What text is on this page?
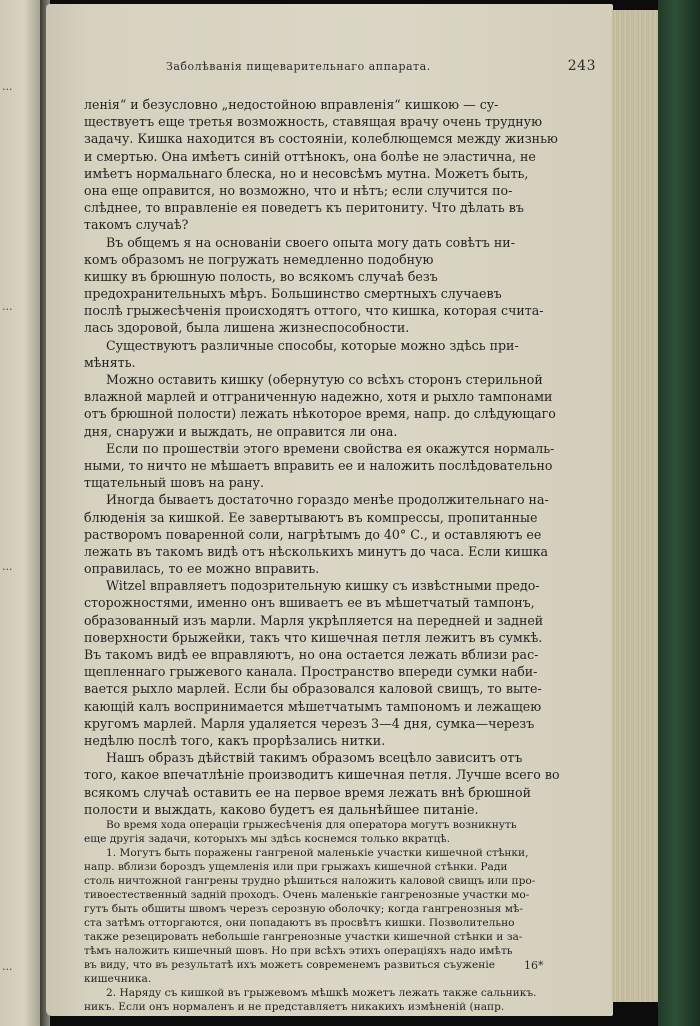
...
...
...
...
Заболѣванія пищеварительнаго аппарата.	243
ленія“ и безусловно „недостойною вправленія“ кишкою — су-
ществуетъ еще третья возможность, ставящая врачу очень трудную
задачу. Кишка находится въ состояніи, колеблющемся между жизнью
и смертью. Она имѣетъ синій оттѣнокъ, она болѣе не эластична, не
имѣетъ нормальнаго блеска, но и несовсѣмъ мутна. Можетъ быть,
она еще оправится, но возможно, что и нѣтъ; если случится по-
слѣднее, то вправленіе ея поведетъ къ перитониту. Что дѣлать въ
такомъ случаѣ?
Въ общемъ я на основаніи своего опыта могу дать совѣтъ ни-
комъ образомъ не погружать немедленно подобную
кишку въ брюшную полость, во всякомъ случаѣ безъ
предохранительныхъ мѣръ. Большинство смертныхъ случаевъ
послѣ грыжесѣченія происходятъ оттого, что кишка, которая счита-
лась здоровой, была лишена жизнеспособности.
Существуютъ различные способы, которые можно здѣсь при-
мѣнять.
Можно оставить кишку (обернутую со всѣхъ сторонъ стерильной
влажной марлей и отграниченную надежно, хотя и рыхло тампонами
отъ брюшной полости) лежать нѣкоторое время, напр. до слѣдующаго
дня, снаружи и выждать, не оправится ли она.
Если по прошествіи этого времени свойства ея окажутся нормаль-
ными, то ничто не мѣшаетъ вправить ее и наложить послѣдовательно
тщательный шовъ на рану.
Иногда бываетъ достаточно гораздо менѣе продолжительнаго на-
блюденія за кишкой. Ее завертываютъ въ компрессы, пропитанные
растворомъ поваренной соли, нагрѣтымъ до 40° С., и оставляютъ ее
лежать въ такомъ видѣ отъ нѣсколькихъ минутъ до часа. Если кишка
оправилась, то ее можно вправить.
Witzel вправляетъ подозрительную кишку съ извѣстными предо-
сторожностями, именно онъ вшиваетъ ее въ мѣшетчатый тампонъ,
образованный изъ марли. Марля укрѣпляется на передней и задней
поверхности брыжейки, такъ что кишечная петля лежитъ въ сумкѣ.
Въ такомъ видѣ ее вправляютъ, но она остается лежать вблизи рас-
щепленнаго грыжевого канала. Пространство впереди сумки наби-
вается рыхло марлей. Если бы образовался каловой свищъ, то выте-
кающій калъ воспринимается мѣшетчатымъ тампономъ и лежащею
кругомъ марлей. Марля удаляется черезъ 3—4 дня, сумка—черезъ
недѣлю послѣ того, какъ прорѣзались нитки.
Нашъ образъ дѣйствій такимъ образомъ всецѣло зависитъ отъ
того, какое впечатлѣніе производитъ кишечная петля. Лучше всего во
всякомъ случаѣ оставить ее на первое время лежать внѣ брюшной
полости и выждать, каково будетъ ея дальнѣйшее питаніе.
Во время хода операціи грыжесѣченія для оператора могутъ возникнуть
еще другія задачи, которыхъ мы здѣсь коснемся только вкратцѣ.
1. Могутъ быть поражены гангреной маленькіе участки кишечной стѣнки,
напр. вблизи бороздъ ущемленія или при грыжахъ кишечной стѣнки. Ради
столь ничтожной гангрены трудно рѣшиться наложить каловой свищъ или про-
тивоестественный задній проходъ. Очень маленькіе гангренозные участки мо-
гутъ быть обшиты швомъ черезъ серозную оболочку; когда гангренозныя мѣ-
ста затѣмъ отторгаются, они попадаютъ въ просвѣтъ кишки. Позволительно
также резецировать небольшіе гангренозные участки кишечной стѣнки и за-
тѣмъ наложить кишечный шовъ. Но при всѣхъ этихъ операціяхъ надо имѣть
въ виду, что въ результатѣ ихъ можетъ современемъ развиться съуженіе
кишечника.
2. Наряду съ кишкой въ грыжевомъ мѣшкѣ можетъ лежать также сальникъ.
никъ. Если онъ нормаленъ и не представляетъ никакихъ измѣненій (напр.
16*
